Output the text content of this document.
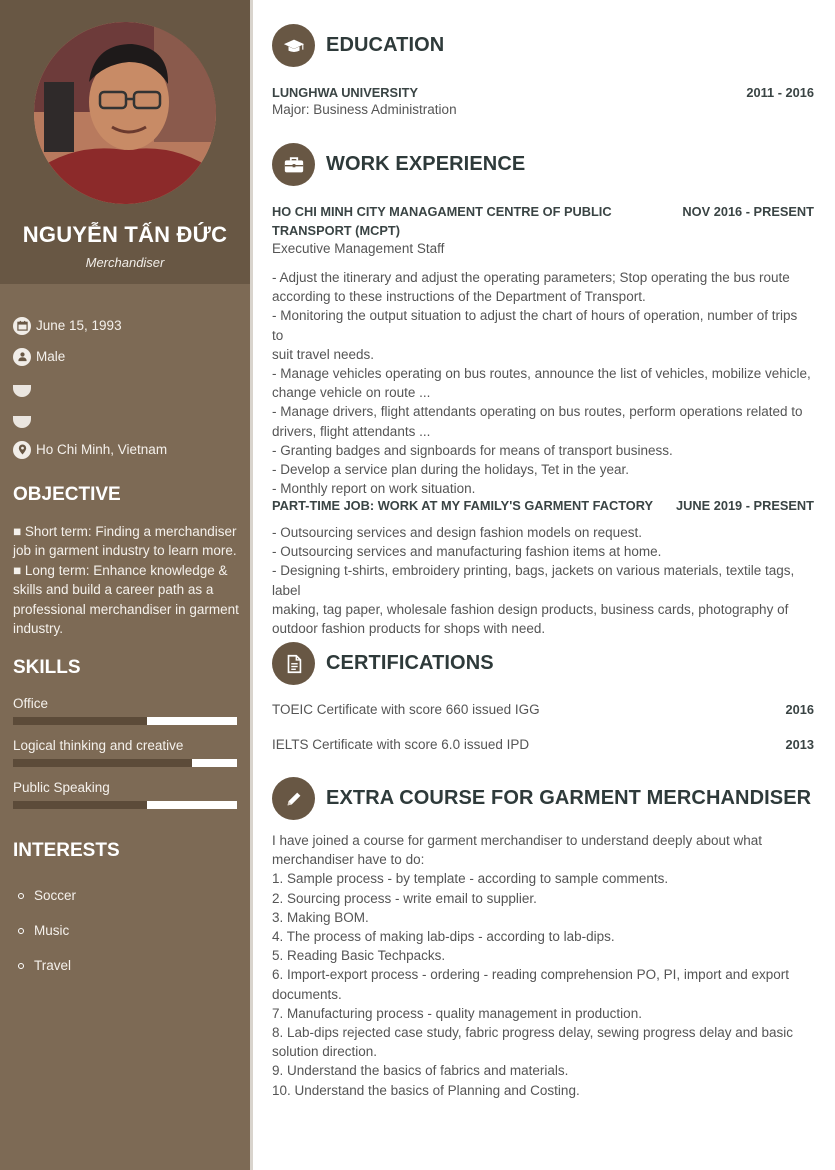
NGUYỄN TẤN ĐỨC
Merchandiser
June 15, 1993
Male
Ho Chi Minh, Vietnam
OBJECTIVE
■ Short term: Finding a merchandiser
job in garment industry to learn more.
■ Long term: Enhance knowledge &
skills and build a career path as a
professional merchandiser in garment
industry.
SKILLS
Office
Logical thinking and creative
Public Speaking
INTERESTS
Soccer
Music
Travel
EDUCATION
LUNGHWA UNIVERSITY	2011 - 2016
Major: Business Administration
WORK EXPERIENCE
HO CHI MINH CITY MANAGAMENT CENTRE OF PUBLIC
TRANSPORT (MCPT)
NOV 2016 - PRESENT
Executive Management Staff
- Adjust the itinerary and adjust the operating parameters; Stop operating the bus route
according to these instructions of the Department of Transport.
- Monitoring the output situation to adjust the chart of hours of operation, number of trips to
suit travel needs.
- Manage vehicles operating on bus routes, announce the list of vehicles, mobilize vehicle,
change vehicle on route ...
- Manage drivers, flight attendants operating on bus routes, perform operations related to
drivers, flight attendants ...
- Granting badges and signboards for means of transport business.
- Develop a service plan during the holidays, Tet in the year.
- Monthly report on work situation.
PART-TIME JOB: WORK AT MY FAMILY'S GARMENT FACTORY JUNE 2019 - PRESENT
- Outsourcing services and design fashion models on request.
- Outsourcing services and manufacturing fashion items at home.
- Designing t-shirts, embroidery printing, bags, jackets on various materials, textile tags, label
making, tag paper, wholesale fashion design products, business cards, photography of
outdoor fashion products for shops with need.
CERTIFICATIONS
TOEIC Certificate with score 660 issued IGG	2016
IELTS Certificate with score 6.0 issued IPD	2013
EXTRA COURSE FOR GARMENT MERCHANDISER
I have joined a course for garment merchandiser to understand deeply about what
merchandiser have to do:
1. Sample process - by template - according to sample comments.
2. Sourcing process - write email to supplier.
3. Making BOM.
4. The process of making lab-dips - according to lab-dips.
5. Reading Basic Techpacks.
6. Import-export process - ordering - reading comprehension PO, PI, import and export
documents.
7. Manufacturing process - quality management in production.
8. Lab-dips rejected case study, fabric progress delay, sewing progress delay and basic
solution direction.
9. Understand the basics of fabrics and materials.
10. Understand the basics of Planning and Costing.
